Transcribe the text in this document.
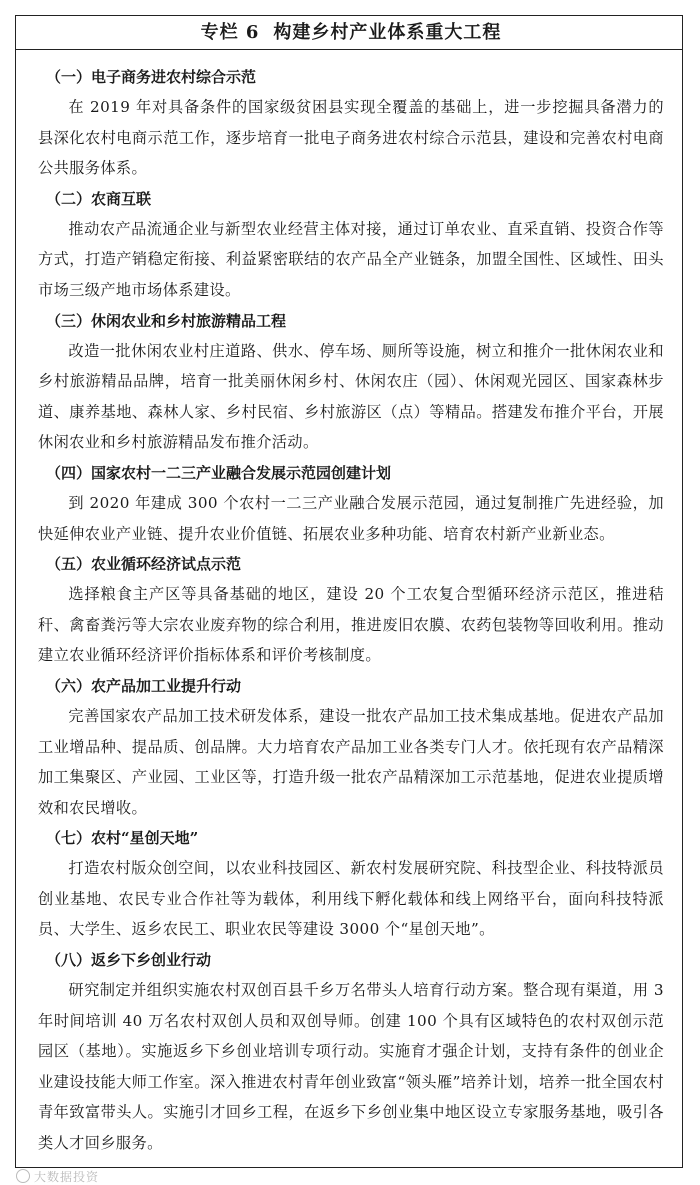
专栏 6 构建乡村产业体系重大工程
（一）电子商务进农村综合示范

在 2019 年对具备条件的国家级贫困县实现全覆盖的基础上，进一步挖掘具备潜力的县深化农村电商示范工作，逐步培育一批电子商务进农村综合示范县，建设和完善农村电商公共服务体系。

（二）农商互联

推动农产品流通企业与新型农业经营主体对接，通过订单农业、直采直销、投资合作等方式，打造产销稳定衔接、利益紧密联结的农产品全产业链条，加盟全国性、区域性、田头市场三级产地市场体系建设。

（三）休闲农业和乡村旅游精品工程

改造一批休闲农业村庄道路、供水、停车场、厕所等设施，树立和推介一批休闲农业和乡村旅游精品品牌，培育一批美丽休闲乡村、休闲农庄（园）、休闲观光园区、国家森林步道、康养基地、森林人家、乡村民宿、乡村旅游区（点）等精品。搭建发布推介平台，开展休闲农业和乡村旅游精品发布推介活动。

（四）国家农村一二三产业融合发展示范园创建计划

到 2020 年建成 300 个农村一二三产业融合发展示范园，通过复制推广先进经验，加快延伸农业产业链、提升农业价值链、拓展农业多种功能、培育农村新产业新业态。

（五）农业循环经济试点示范

选择粮食主产区等具备基础的地区，建设 20 个工农复合型循环经济示范区，推进秸秆、禽畜粪污等大宗农业废弃物的综合利用，推进废旧农膜、农药包装物等回收利用。推动建立农业循环经济评价指标体系和评价考核制度。

（六）农产品加工业提升行动

完善国家农产品加工技术研发体系，建设一批农产品加工技术集成基地。促进农产品加工业增品种、提品质、创品牌。大力培育农产品加工业各类专门人才。依托现有农产品精深加工集聚区、产业园、工业区等，打造升级一批农产品精深加工示范基地，促进农业提质增效和农民增收。

（七）农村“星创天地”

打造农村版众创空间，以农业科技园区、新农村发展研究院、科技型企业、科技特派员创业基地、农民专业合作社等为载体，利用线下孵化载体和线上网络平台，面向科技特派员、大学生、返乡农民工、职业农民等建设 3000 个“星创天地”。

（八）返乡下乡创业行动

研究制定并组织实施农村双创百县千乡万名带头人培育行动方案。整合现有渠道，用 3 年时间培训 40 万名农村双创人员和双创导师。创建 100 个具有区域特色的农村双创示范园区（基地）。实施返乡下乡创业培训专项行动。实施育才强企计划，支持有条件的创业企业建设技能大师工作室。深入推进农村青年创业致富“领头雁”培养计划，培养一批全国农村青年致富带头人。实施引才回乡工程，在返乡下乡创业集中地区设立专家服务基地，吸引各类人才回乡服务。

大数据投资
